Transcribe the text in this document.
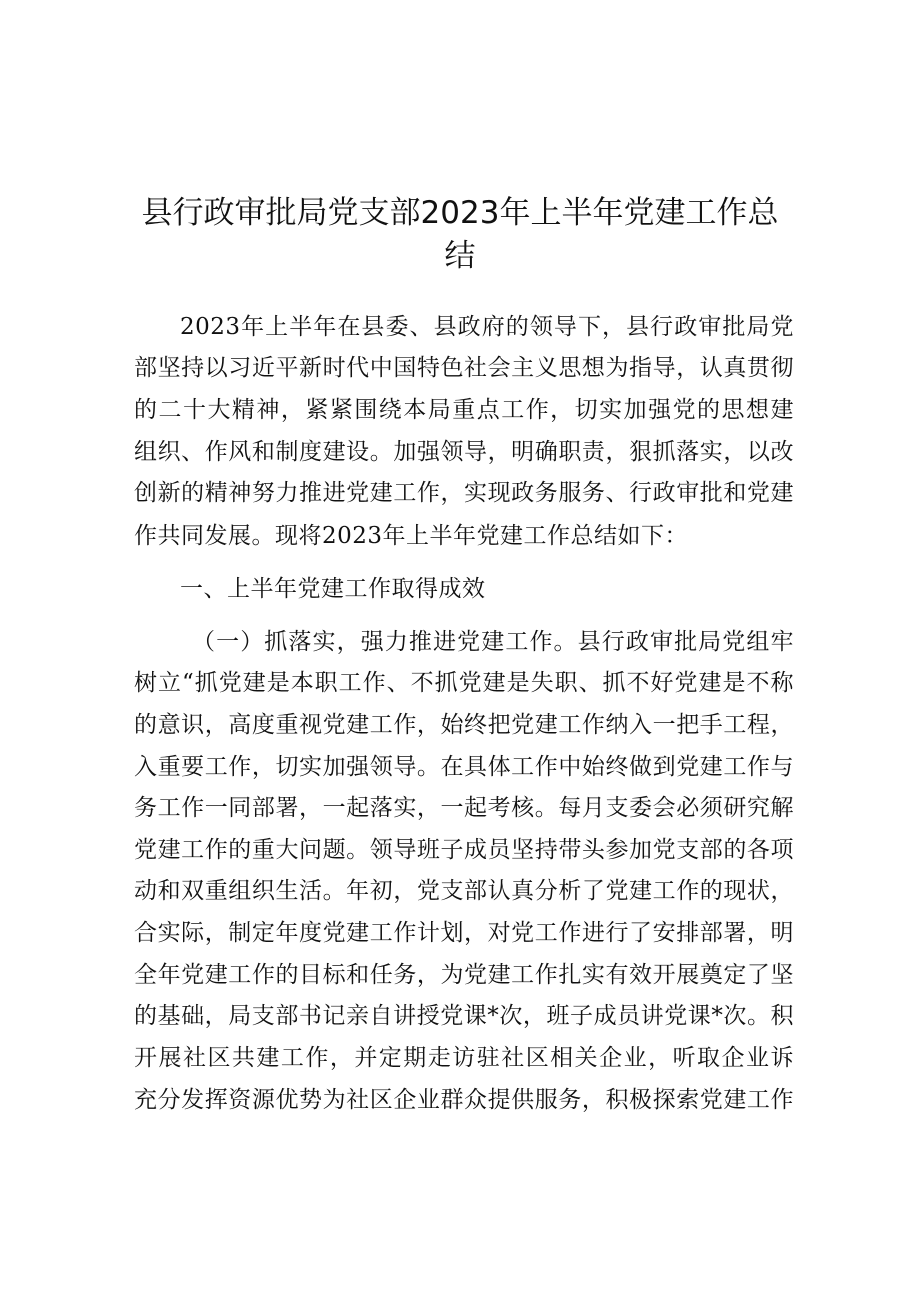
县行政审批局党支部2023年上半年党建工作总
结
2023年上半年在县委、县政府的领导下，县行政审批局党
部坚持以习近平新时代中国特色社会主义思想为指导，认真贯彻
的二十大精神，紧紧围绕本局重点工作，切实加强党的思想建
组织、作风和制度建设。加强领导，明确职责，狠抓落实，以改
创新的精神努力推进党建工作，实现政务服务、行政审批和党建
作共同发展。现将2023年上半年党建工作总结如下：
一、上半年党建工作取得成效
（一）抓落实，强力推进党建工作。县行政审批局党组牢
树立“抓党建是本职工作、不抓党建是失职、抓不好党建是不称
的意识，高度重视党建工作，始终把党建工作纳入一把手工程，
入重要工作，切实加强领导。在具体工作中始终做到党建工作与
务工作一同部署，一起落实，一起考核。每月支委会必须研究解
党建工作的重大问题。领导班子成员坚持带头参加党支部的各项
动和双重组织生活。年初，党支部认真分析了党建工作的现状，
合实际，制定年度党建工作计划，对党工作进行了安排部署，明
全年党建工作的目标和任务，为党建工作扎实有效开展奠定了坚
的基础，局支部书记亲自讲授党课*次，班子成员讲党课*次。积
开展社区共建工作，并定期走访驻社区相关企业，听取企业诉
充分发挥资源优势为社区企业群众提供服务，积极探索党建工作
